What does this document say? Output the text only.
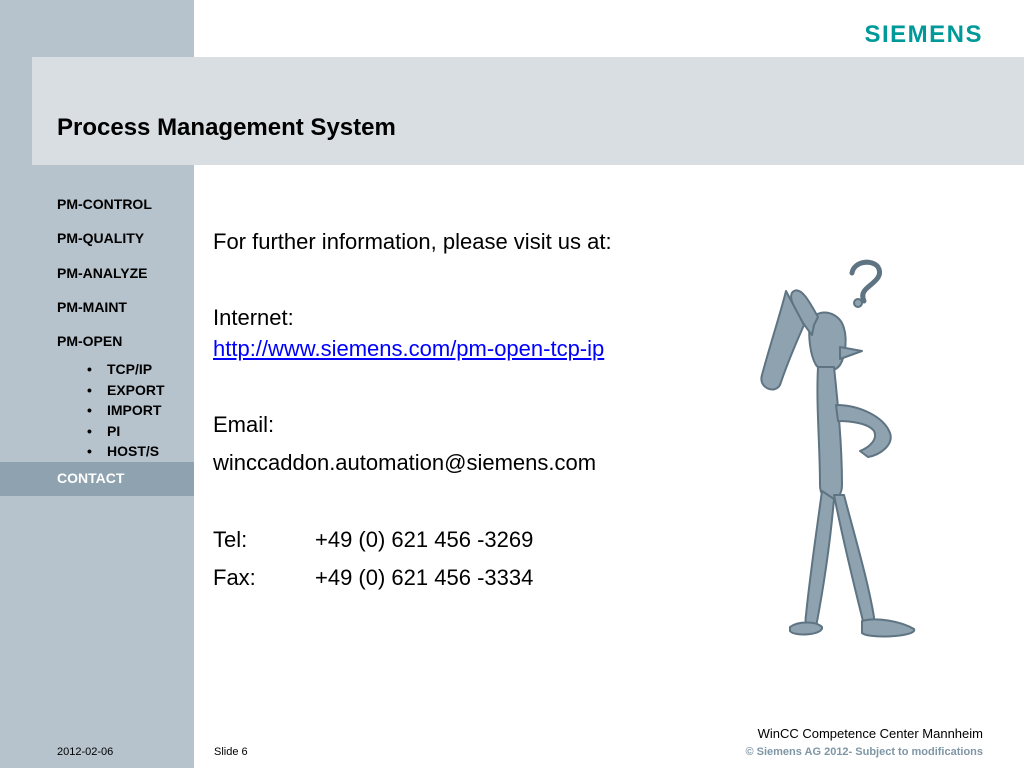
SIEMENS
Process Management System
PM-CONTROL
PM-QUALITY
PM-ANALYZE
PM-MAINT
PM-OPEN
• TCP/IP
• EXPORT
• IMPORT
• PI
• HOST/S
CONTACT
For further information, please visit us at:
Internet:
http://www.siemens.com/pm-open-tcp-ip
Email:
winccaddon.automation@siemens.com
Tel:	+49 (0) 621 456 -3269
Fax:	+49 (0) 621 456 -3334
2012-02-06	Slide 6
WinCC Competence Center Mannheim
© Siemens AG 2012- Subject to modifications
